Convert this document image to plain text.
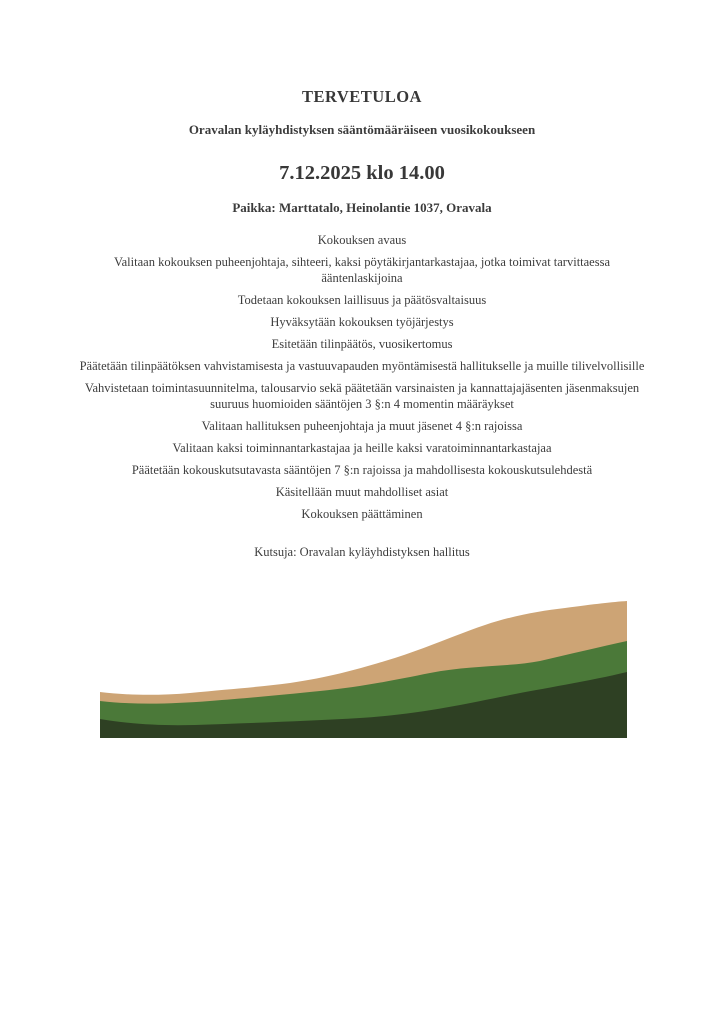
TERVETULOA

Oravalan kyläyhdistyksen sääntömääräiseen vuosikokoukseen

7.12.2025 klo 14.00

Paikka: Marttatalo, Heinolantie 1037, Oravala

Kokouksen avaus

Valitaan kokouksen puheenjohtaja, sihteeri, kaksi pöytäkirjantarkastajaa, jotka toimivat tarvittaessa ääntenlaskijoina

Todetaan kokouksen laillisuus ja päätösvaltaisuus

Hyväksytään kokouksen työjärjestys

Esitetään tilinpäätös, vuosikertomus

Päätetään tilinpäätöksen vahvistamisesta ja vastuuvapauden myöntämisestä hallitukselle ja muille tilivelvollisille

Vahvistetaan toimintasuunnitelma, talousarvio sekä päätetään varsinaisten ja kannattajajäsenten jäsenmaksujen suuruus huomioiden sääntöjen 3 §:n 4 momentin määräykset

Valitaan hallituksen puheenjohtaja ja muut jäsenet 4 §:n rajoissa

Valitaan kaksi toiminnantarkastajaa ja heille kaksi varatoiminnantarkastajaa

Päätetään kokouskutsutavasta sääntöjen 7 §:n rajoissa ja mahdollisesta kokouskutsulehdestä

Käsitellään muut mahdolliset asiat

Kokouksen päättäminen

Kutsuja: Oravalan kyläyhdistyksen hallitus
